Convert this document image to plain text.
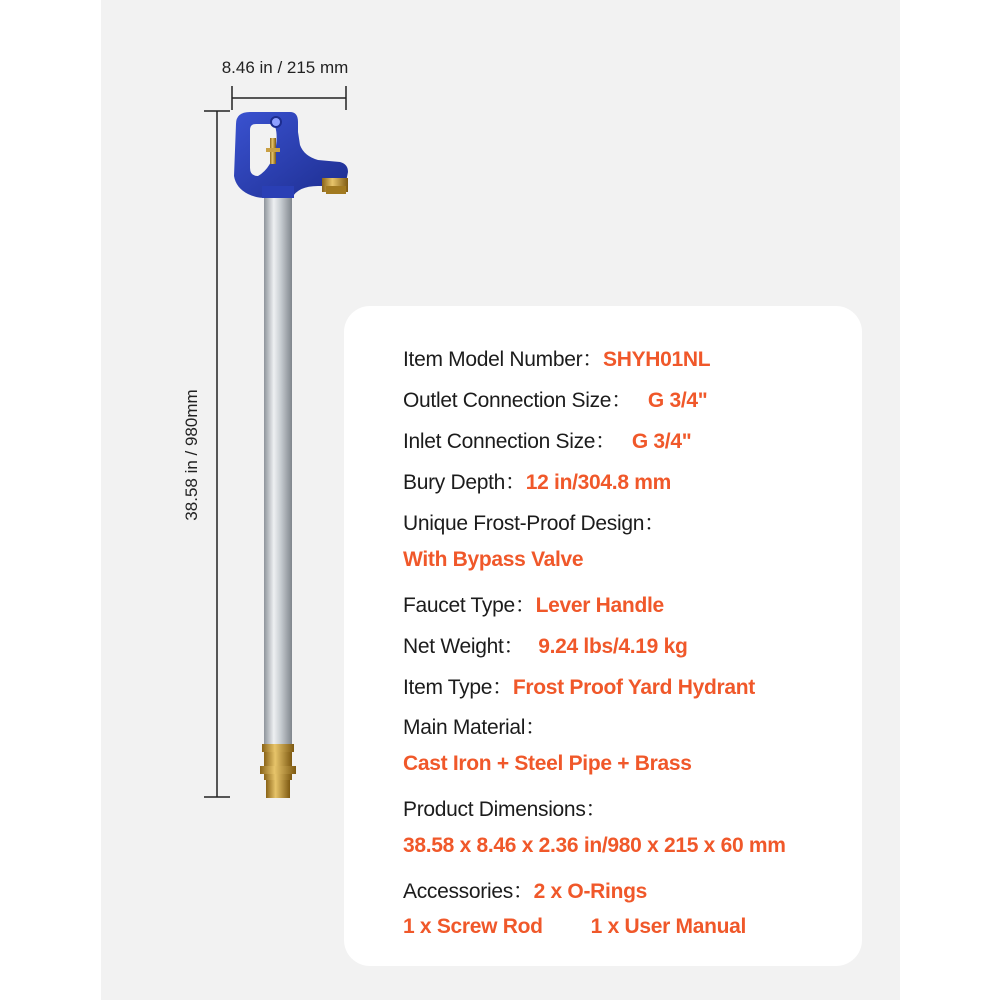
8.46 in / 215 mm
38.58 in / 980mm
Item Model Number：SHYH01NL
Outlet Connection Size： G 3/4"
Inlet Connection Size： G 3/4"
Bury Depth：12 in/304.8 mm
Unique Frost-Proof Design：
With Bypass Valve
Faucet Type：Lever Handle
Net Weight： 9.24 lbs/4.19 kg
Item Type：Frost Proof Yard Hydrant
Main Material：
Cast Iron + Steel Pipe + Brass
Product Dimensions：
38.58 x 8.46 x 2.36 in/980 x 215 x 60 mm
Accessories：2 x O-Rings
1 x Screw Rod 1 x User Manual
